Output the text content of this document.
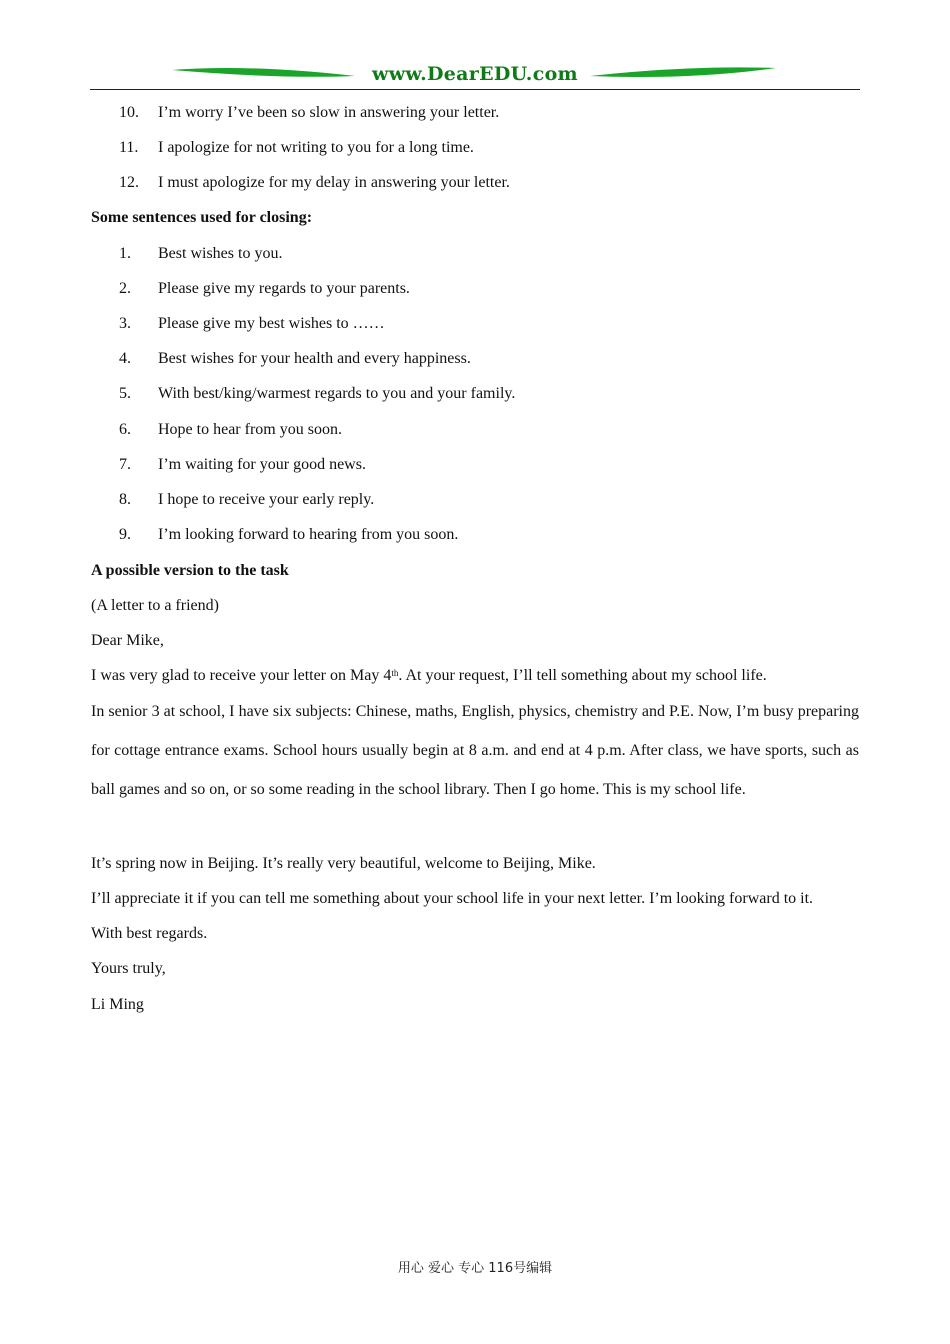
www.DearEDU.com
10. I’m worry I’ve been so slow in answering your letter.
11. I apologize for not writing to you for a long time.
12. I must apologize for my delay in answering your letter.
Some sentences used for closing:
1. Best wishes to you.
2. Please give my regards to your parents.
3. Please give my best wishes to ……
4. Best wishes for your health and every happiness.
5. With best/king/warmest regards to you and your family.
6. Hope to hear from you soon.
7. I’m waiting for your good news.
8. I hope to receive your early reply.
9. I’m looking forward to hearing from you soon.
A possible version to the task
(A letter to a friend)
Dear Mike,
I was very glad to receive your letter on May 4th. At your request, I’ll tell something about my school life.
In senior 3 at school, I have six subjects: Chinese, maths, English, physics, chemistry and P.E. Now, I’m busy preparing for cottage entrance exams. School hours usually begin at 8 a.m. and end at 4 p.m. After class, we have sports, such as ball games and so on, or so some reading in the school library. Then I go home. This is my school life.
It’s spring now in Beijing. It’s really very beautiful, welcome to Beijing, Mike.
I’ll appreciate it if you can tell me something about your school life in your next letter. I’m looking forward to it.
With best regards.
Yours truly,
Li Ming
用心 爱心 专心 116号编辑
